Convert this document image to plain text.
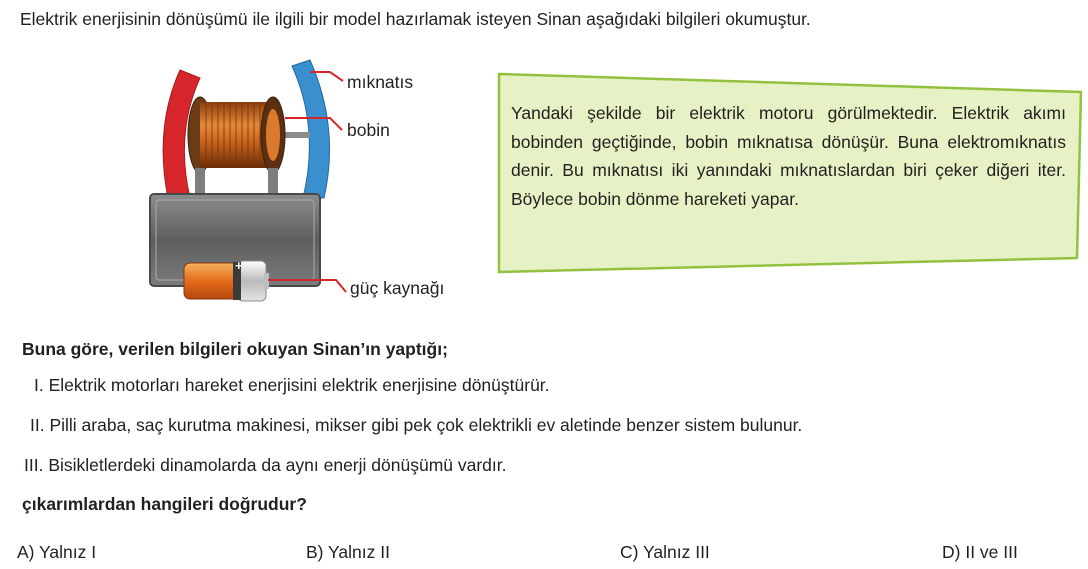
Elektrik enerjisinin dönüşümü ile ilgili bir model hazırlamak isteyen Sinan aşağıdaki bilgileri okumuştur.
+
mıknatıs
bobin
güç kaynağı
Yandaki şekilde bir elektrik motoru görülmektedir. Elektrik akımı bobinden geçtiğinde, bobin mıknatısa dönüşür. Buna elektromıknatıs denir. Bu mıknatısı iki yanındaki mıknatıslardan biri çeker diğeri iter. Böylece bobin dönme hareketi yapar.
Buna göre, verilen bilgileri okuyan Sinan’ın yaptığı;
I. Elektrik motorları hareket enerjisini elektrik enerjisine dönüştürür.
II. Pilli araba, saç kurutma makinesi, mikser gibi pek çok elektrikli ev aletinde benzer sistem bulunur.
III. Bisikletlerdeki dinamolarda da aynı enerji dönüşümü vardır.
çıkarımlardan hangileri doğrudur?
A) Yalnız I	B) Yalnız II	C) Yalnız III	D) II ve III
